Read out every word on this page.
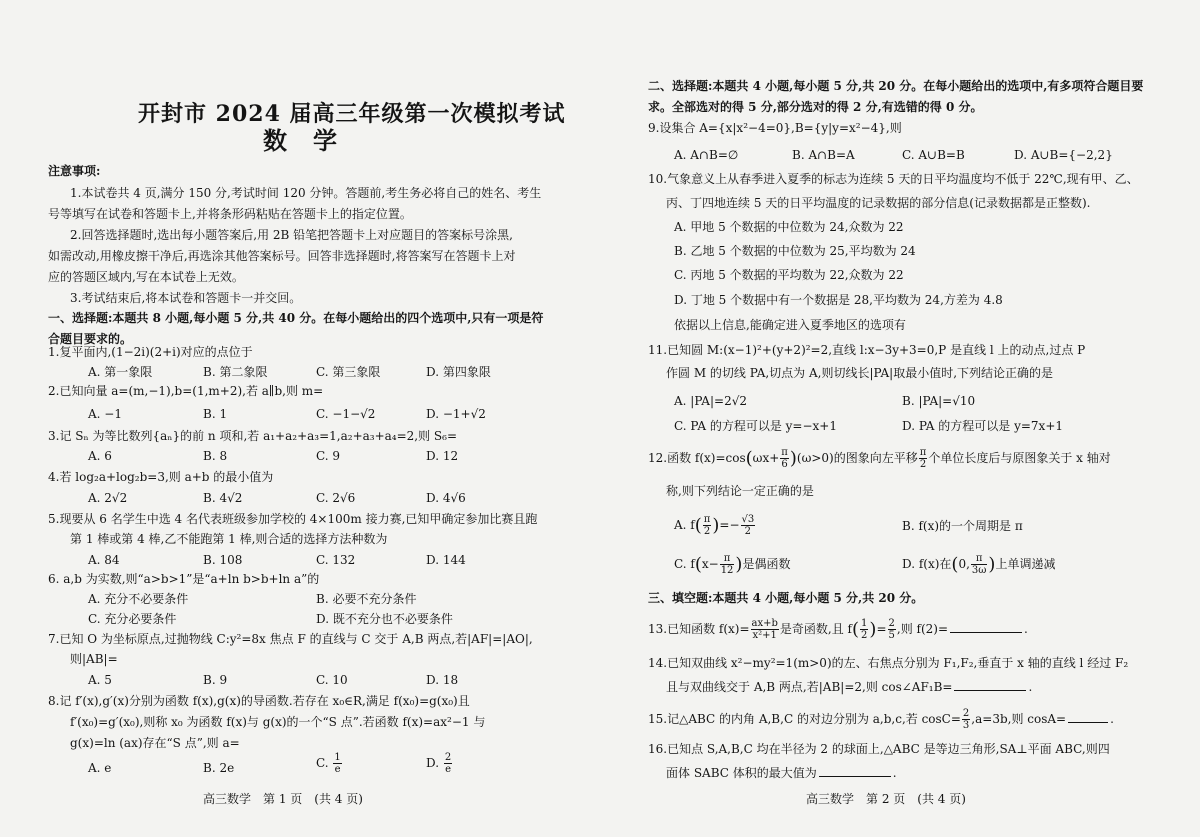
开封市 2024 届高三年级第一次模拟考试
数学
注意事项:
1.本试卷共 4 页,满分 150 分,考试时间 120 分钟。答题前,考生务必将自己的姓名、考生
号等填写在试卷和答题卡上,并将条形码粘贴在答题卡上的指定位置。
2.回答选择题时,选出每小题答案后,用 2B 铅笔把答题卡上对应题目的答案标号涂黑,
如需改动,用橡皮擦干净后,再选涂其他答案标号。回答非选择题时,将答案写在答题卡上对
应的答题区域内,写在本试卷上无效。
3.考试结束后,将本试卷和答题卡一并交回。
一、选择题:本题共 8 小题,每小题 5 分,共 40 分。在每小题给出的四个选项中,只有一项是符
合题目要求的。
1.复平面内,(1−2i)(2+i)对应的点位于
A. 第一象限	B. 第二象限	C. 第三象限	D. 第四象限
2.已知向量 a=(m,−1),b=(1,m+2),若 a∥b,则 m=
A. −1	B. 1	C. −1−√2	D. −1+√2
3.记 Sₙ 为等比数列{aₙ}的前 n 项和,若 a₁+a₂+a₃=1,a₂+a₃+a₄=2,则 S₆=
A. 6	B. 8	C. 9	D. 12
4.若 log₂a+log₂b=3,则 a+b 的最小值为
A. 2√2	B. 4√2	C. 2√6	D. 4√6
5.现要从 6 名学生中选 4 名代表班级参加学校的 4×100m 接力赛,已知甲确定参加比赛且跑
第 1 棒或第 4 棒,乙不能跑第 1 棒,则合适的选择方法种数为
A. 84	B. 108	C. 132	D. 144
6. a,b 为实数,则“a>b>1”是“a+ln b>b+ln a”的
A. 充分不必要条件	B. 必要不充分条件
C. 充分必要条件	D. 既不充分也不必要条件
7.已知 O 为坐标原点,过抛物线 C:y²=8x 焦点 F 的直线与 C 交于 A,B 两点,若|AF|=|AO|,
则|AB|=
A. 5	B. 9	C. 10	D. 18
8.记 f′(x),g′(x)分别为函数 f(x),g(x)的导函数.若存在 x₀∈R,满足 f(x₀)=g(x₀)且
f′(x₀)=g′(x₀),则称 x₀ 为函数 f(x)与 g(x)的一个“S 点”.若函数 f(x)=ax²−1 与
g(x)=ln (ax)存在“S 点”,则 a=
A. e	B. 2e	C. $\frac{1}{e}$	D. $\frac{2}{e}$
高三数学　第 1 页　(共 4 页)
二、选择题:本题共 4 小题,每小题 5 分,共 20 分。在每小题给出的选项中,有多项符合题目要
求。全部选对的得 5 分,部分选对的得 2 分,有选错的得 0 分。
9.设集合 A={x|x²−4=0},B={y|y=x²−4},则
A. A∩B=∅	B. A∩B=A	C. A∪B=B	D. A∪B={−2,2}
10.气象意义上从春季进入夏季的标志为连续 5 天的日平均温度均不低于 22℃,现有甲、乙、
丙、丁四地连续 5 天的日平均温度的记录数据的部分信息(记录数据都是正整数).
A. 甲地 5 个数据的中位数为 24,众数为 22
B. 乙地 5 个数据的中位数为 25,平均数为 24
C. 丙地 5 个数据的平均数为 22,众数为 22
D. 丁地 5 个数据中有一个数据是 28,平均数为 24,方差为 4.8
依据以上信息,能确定进入夏季地区的选项有
11.已知圆 M:(x−1)²+(y+2)²=2,直线 l:x−3y+3=0,P 是直线 l 上的动点,过点 P
作圆 M 的切线 PA,切点为 A,则切线长|PA|取最小值时,下列结论正确的是
A. |PA|=2√2	B. |PA|=√10
C. PA 的方程可以是 y=−x+1	D. PA 的方程可以是 y=7x+1
12.函数 $f(x)=\cos(\omega x+ \frac{\pi}{6} )(\omega>0)$的图象向左平移 $\frac{\pi}{2}$ 个单位长度后与原图象关于 x 轴对
称,则下列结论一定正确的是
A. $f( \frac{\pi}{2}$ )=− $\frac{√3}{2}$	B. f(x)的一个周期是 π
C. $f(x- \frac{\pi}{12}$ )是偶函数	D. f(x)在(0, $\frac{\pi}{3\omega}$ )上单调递减
三、填空题:本题共 4 小题,每小题 5 分,共 20 分。
13.已知函数 $f(x)= \frac{ax+b}{\text{x²+1}}$ 是奇函数,且 $f( \frac{1}{2}$ )= $\frac{2}{5}$ ,则 f(2)=	.
14.已知双曲线 x²−my²=1(m>0)的左、右焦点分别为 F₁,F₂,垂直于 x 轴的直线 l 经过 F₂
且与双曲线交于 A,B 两点,若|AB|=2,则 cos∠AF₁B=	.
15.记△ABC 的内角 A,B,C 的对边分别为 a,b,c,若 $\cos C= \frac{2}{3} ,a=3b$,则 cosA=	.
16.已知点 S,A,B,C 均在半径为 2 的球面上,△ABC 是等边三角形,SA⊥平面 ABC,则四
面体 SABC 体积的最大值为	.
高三数学　第 2 页　(共 4 页)
